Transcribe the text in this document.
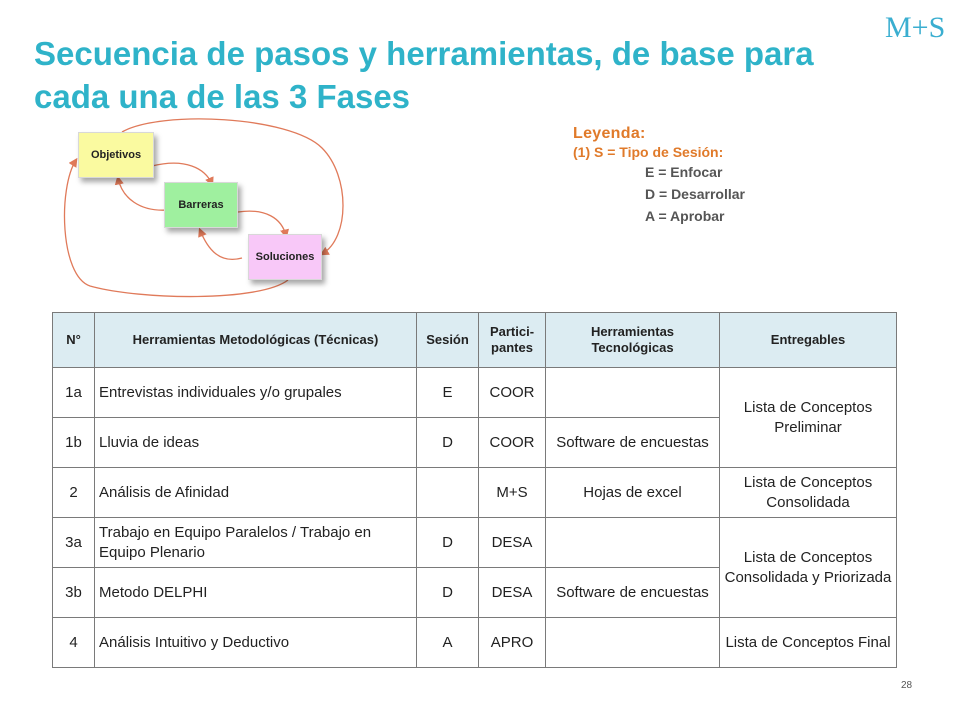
Secuencia de pasos y herramientas, de base para cada una de las 3 Fases
M+S
Objetivos
Barreras
Soluciones
Leyenda:
(1) S = Tipo de Sesión:
E = Enfocar
D = Desarrollar
A = Aprobar
N°	Herramientas Metodológicas (Técnicas)	Sesión	Partici-pantes	Herramientas Tecnológicas	Entregables
1a	Entrevistas individuales y/o grupales	E	COOR		Lista de Conceptos Preliminar
1b	Lluvia de ideas	D	COOR	Software de encuestas	
2	Análisis de Afinidad		M+S	Hojas de excel	Lista de Conceptos Consolidada
3a	Trabajo en Equipo Paralelos / Trabajo en Equipo Plenario	D	DESA		Lista de Conceptos Consolidada y Priorizada
3b	Metodo DELPHI	D	DESA	Software de encuestas	
4	Análisis Intuitivo y Deductivo	A	APRO		Lista de Conceptos Final
28
